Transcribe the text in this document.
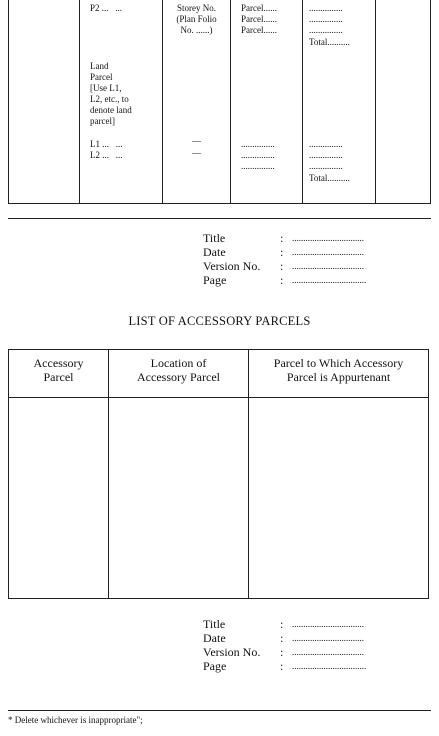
P2 ...   ...
Land
Parcel
[Use L1,
L2, etc., to
denote land
parcel]
L1 ...   ...
L2 ...   ...
Storey No.
(Plan Folio
No. ......)
—
—
Parcel......
Parcel......
Parcel......
...............
...............
...............
...............
...............
...............
Total..........
...............
...............
...............
Total..........
Title
Date
Version No.
Page
:
:
:
:
................................
................................
................................
.................................
LIST OF ACCESSORY PARCELS
Accessory
Parcel
Location of
Accessory Parcel
Parcel to Which Accessory
Parcel is Appurtenant
Title
Date
Version No.
Page
:
:
:
:
................................
................................
................................
.................................
* Delete whichever is inappropriate";
